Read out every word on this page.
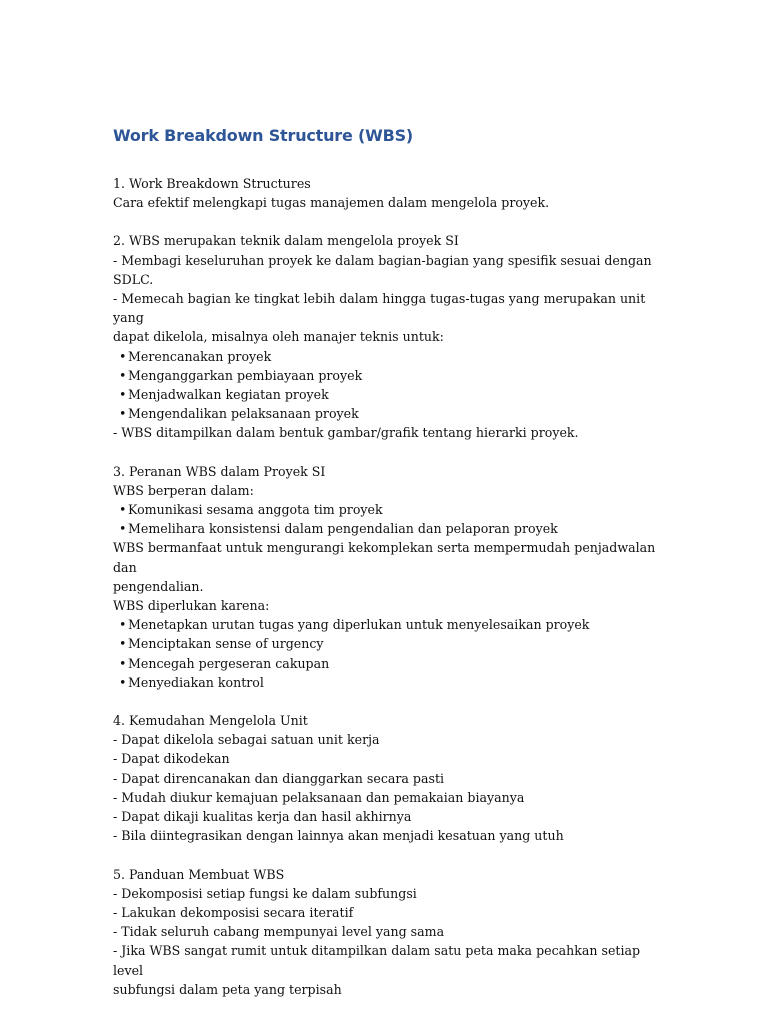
Work Breakdown Structure (WBS)

1. Work Breakdown Structures

Cara efektif melengkapi tugas manajemen dalam mengelola proyek.

2. WBS merupakan teknik dalam mengelola proyek SI

- Membagi keseluruhan proyek ke dalam bagian-bagian yang spesifik sesuai dengan SDLC.

- Memecah bagian ke tingkat lebih dalam hingga tugas-tugas yang merupakan unit yang

dapat dikelola, misalnya oleh manajer teknis untuk:

• Merencanakan proyek

• Menganggarkan pembiayaan proyek

• Menjadwalkan kegiatan proyek

• Mengendalikan pelaksanaan proyek

- WBS ditampilkan dalam bentuk gambar/grafik tentang hierarki proyek.

3. Peranan WBS dalam Proyek SI

WBS berperan dalam:

• Komunikasi sesama anggota tim proyek

• Memelihara konsistensi dalam pengendalian dan pelaporan proyek

WBS bermanfaat untuk mengurangi kekomplekan serta mempermudah penjadwalan dan

pengendalian.

WBS diperlukan karena:

• Menetapkan urutan tugas yang diperlukan untuk menyelesaikan proyek

• Menciptakan sense of urgency

• Mencegah pergeseran cakupan

• Menyediakan kontrol

4. Kemudahan Mengelola Unit

- Dapat dikelola sebagai satuan unit kerja

- Dapat dikodekan

- Dapat direncanakan dan dianggarkan secara pasti

- Mudah diukur kemajuan pelaksanaan dan pemakaian biayanya

- Dapat dikaji kualitas kerja dan hasil akhirnya

- Bila diintegrasikan dengan lainnya akan menjadi kesatuan yang utuh

5. Panduan Membuat WBS

- Dekomposisi setiap fungsi ke dalam subfungsi

- Lakukan dekomposisi secara iteratif

- Tidak seluruh cabang mempunyai level yang sama

- Jika WBS sangat rumit untuk ditampilkan dalam satu peta maka pecahkan setiap level

subfungsi dalam peta yang terpisah
